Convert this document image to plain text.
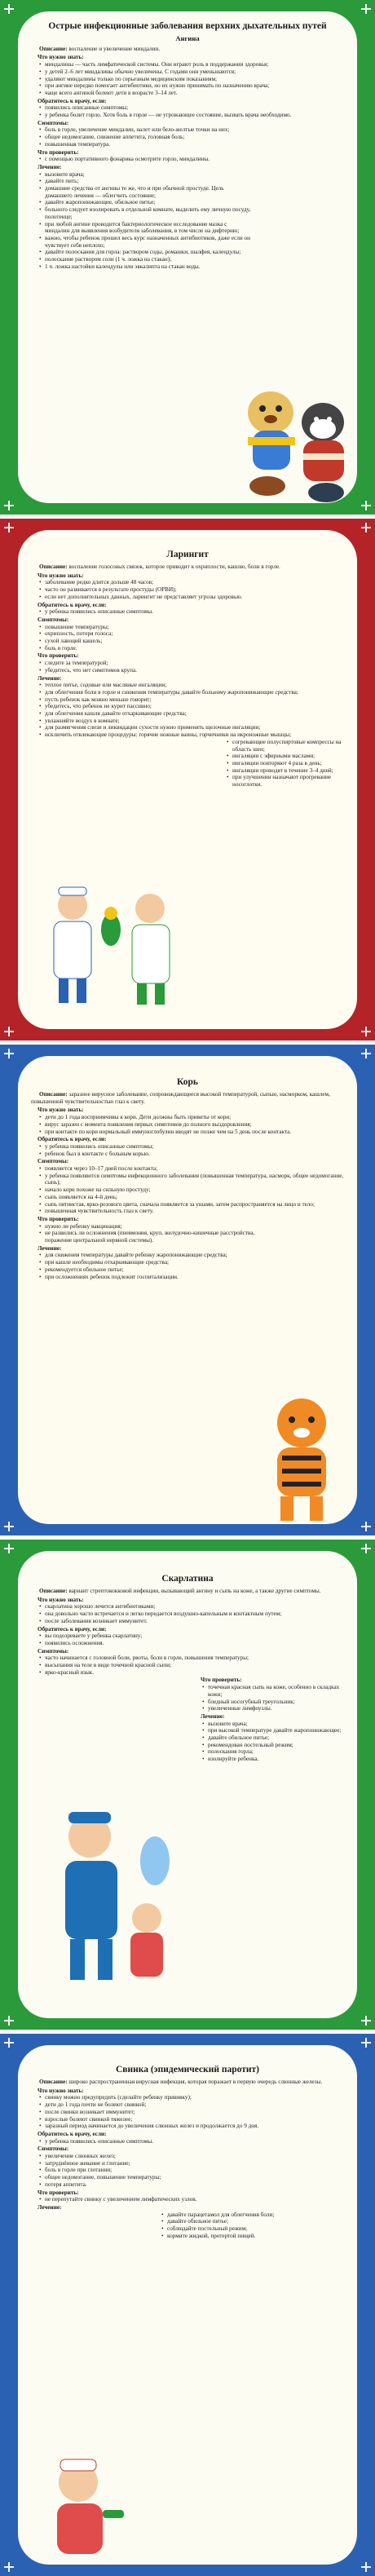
Острые инфекционные заболевания верхних дыхательных путей
Ангина
Описание: воспаление и увеличение миндалин.
Что нужно знать:
• миндалины — часть лимфатической системы. Они играют роль в поддержании здоровья;
• у детей 2–6 лет миндалины обычно увеличены. С годами они уменьшаются;
• удаляют миндалины только по серьезным медицинским показаниям;
• при ангине нередко помогает антибиотики, но их нужно принимать по назначению врача;
• чаще всего ангиной болеют дети в возрасте 3–14 лет.
Обратитесь к врачу, если:
• появились описанные симптомы;
• у ребенка болит горло. Хотя боль в горле — не угрожающее состояние, вызвать врача необходимо.
Симптомы:
• боль в горле, увеличение миндалин, налет или бело-желтые точки на них;
• общее недомогание, снижение аппетита, головная боль;
• повышенная температура.
Что проверить:
• с помощью портативного фонарика осмотрите горло, миндалины.
Лечение:
• вызовите врача;
• давайте пить;
• домашние средства от ангины те же, что и при обычной простуде. Цель домашнего лечения — облегчить состояние;
• давайте жаропонижающие, обильное питье;
• больного следует изолировать в отдельной комнате, выделить ему личную посуду, полотенце;
• при любой ангине проводится бактериологическое исследование мазка с миндалин для выявления возбудителя заболевания, в том числе на дифтерию;
• важно, чтобы ребенок прошел весь курс назначенных антибиотиков, даже если он чувствует себя неплохо;
• давайте полоскания для горла: раствором соды, ромашки, шалфея, календулы;
• полоскание раствором соли (1 ч. ложка на стакан);
• 1 ч. ложка настойки календулы или эвкалипта на стакан воды.
Ларингит
Описание: воспаление голосовых связок, которое приводит к охриплости, кашлю, боли в горле.
Что нужно знать:
• заболевание редко длится дольше 48 часов;
• часто он развивается в результате простуды (ОРВИ);
• если нет дополнительных данных, ларингит не представляет угрозы здоровью.
Обратитесь к врачу, если:
• у ребенка появились описанные симптомы.
Симптомы:
• повышение температуры;
• охриплость, потеря голоса;
• сухой лающий кашель;
• боль в горле.
Что проверить:
• следите за температурой;
• убедитесь, что нет симптомов крупа.
Лечение:
• теплое питье, содовые или масляные ингаляции;
• для облегчения боли в горле и снижения температуры давайте больному жаропонижающие средства;
• пусть ребенок как можно меньше говорит;
• убедитесь, что ребенок не курит пассивно;
• для облегчения кашля давайте отхаркивающие средства;
• увлажняйте воздух в комнате;
• для размягчения слизи и ликвидации сухости нужно применять щелочные ингаляции;
• исключить отвлекающие процедуры: горячие ножные ванны, горчичники на икроножные мышцы;
• согревающие полуспиртовые компрессы на область шеи;
• ингаляции с эфирными маслами;
• ингаляции повторяют 4 раза в день;
• ингаляции проводят в течение 3–4 дней;
• при улучшении назначают прогревание носоглотки.
Корь
Описание: заразное вирусное заболевание, сопровождающееся высокой температурой, сыпью, насморком, кашлем, повышенной чувствительностью глаз к свету.
Что нужно знать:
• дети до 1 года восприимчивы к кори. Дети должны быть привиты от кори;
• вирус заразен с момента появления первых симптомов до полного выздоровления;
• при контакте по кори нормальный иммуноглобулин вводят не позже чем на 5 день после контакта.
Обратитесь к врачу, если:
• у ребенка появились описанные симптомы;
• ребенок был в контакте с больным корью.
Симптомы:
• появляется через 10–17 дней после контакта;
• у ребенка появляются симптомы инфекционного заболевания (повышенная температура, насморк, общее недомогание, сыпь);
• начало кори похоже на сильную простуду;
• сыпь появляется на 4-й день;
• сыпь пятнистая, ярко-розового цвета, сначала появляется за ушами, затем распространяется на лицо и тело;
• повышенная чувствительность глаз к свету.
Что проверить:
• нужно ли ребенку вакцинация;
• не развились ли осложнения (пневмония, круп, желудочно-кишечные расстройства, поражение центральной нервной системы).
Лечение:
• для снижения температуры давайте ребенку жаропонижающие средства;
• при кашле необходимы отхаркивающие средства;
• рекомендуется обильное питье;
• при осложнениях ребенок подлежит госпитализации.
Скарлатина
Описание: вариант стрептококковой инфекции, вызывающий ангину и сыпь на коже, а также другие симптомы.
Что нужно знать:
• скарлатина хорошо лечится антибиотиками;
• она довольно часто встречается и легко передается воздушно-капельным и контактным путем;
• после заболевания возникает иммунитет.
Обратитесь к врачу, если:
• вы подозреваете у ребенка скарлатину;
• появились осложнения.
Симптомы:
• часто начинается с головной боли, рвоты, боли в горле, повышения температуры;
• высыпания на теле в виде точечной красной сыпи;
• ярко-красный язык.
Что проверить:
• точечная красная сыпь на коже, особенно в складках кожи;
• бледный носогубный треугольник;
• увеличенные лимфоузлы.
Лечение:
• вызовите врача;
• при высокой температуре давайте жаропонижающее;
• давайте обильное питье;
• рекомендован постельный режим;
• полоскания горла;
• изолируйте ребенка.
Свинка (эпидемический паротит)
Описание: широко распространенная вирусная инфекция, которая поражает в первую очередь слюнные железы.
Что нужно знать:
• свинку можно предупредить (сделайте ребенку прививку);
• дети до 1 года почти не болеют свинкой;
• после свинки возникает иммунитет;
• взрослые болеют свинкой тяжелее;
• заразный период начинается до увеличения слюнных желез и продолжается до 9 дня.
Обратитесь к врачу, если:
• у ребенка появились описанные симптомы.
Симптомы:
• увеличение слюнных желез;
• затруднённое жевание и глотание;
• боль в горле при глотании;
• общее недомогание, повышение температуры;
• потеря аппетита.
Что проверить:
• не перепутайте свинку с увеличением лимфатических узлов.
Лечение:
• давайте парацетамол для облегчения боли;
• давайте обильное питье;
• соблюдайте постельный режим;
• кормите жидкой, протертой пищей.
